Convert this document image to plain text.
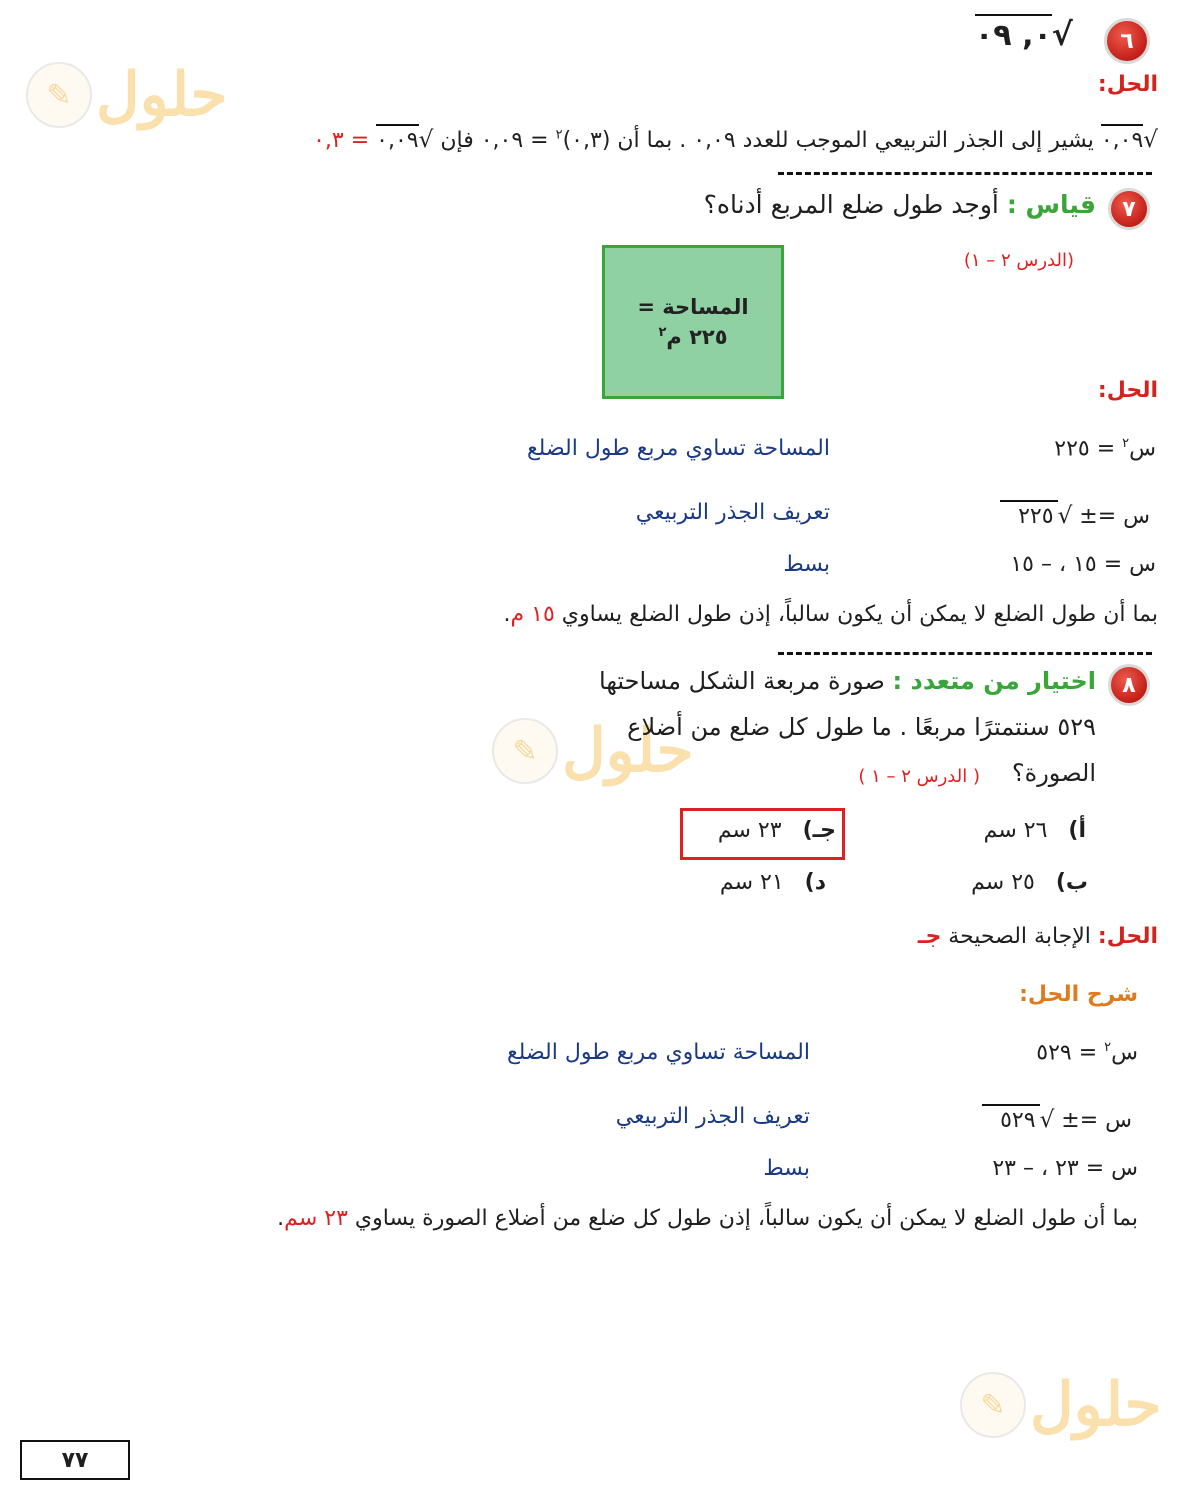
✎ حلول
✎ حلول
✎ حلول
٦
٠, ٠٩	√
الحل:
٠,٠٩ √
يشير إلى الجذر التربيعي الموجب للعدد ٠,٠٩ . بما أن (٠,٣)$^٢$ = ٠,٠٩ فإن
٠,٠٩ √
= ٠,٣
٧
قياس : أوجد طول ضلع المربع أدناه؟
(الدرس ٢ – ١)
المساحة =
٢٢٥ م$^٢$
الحل:
س$^٢$ = ٢٢٥
المساحة تساوي مربع طول الضلع
س =±
٢٢٥ √
تعريف الجذر التربيعي
س = ١٥ ، – ١٥
بسط
بما أن طول الضلع لا يمكن أن يكون سالباً، إذن طول الضلع يساوي ١٥ م.
٨
اختيار من متعدد : صورة مربعة الشكل مساحتها
٥٢٩ سنتمترًا مربعًا . ما طول كل ضلع من أضلاع
الصورة؟
( الدرس ٢ – ١ )
أ) ٢٦ سم
ب) ٢٥ سم
جـ) ٢٣ سم
د) ٢١ سم
الحل: الإجابة الصحيحة جـ
شرح الحل:
س$^٢$ = ٥٢٩
المساحة تساوي مربع طول الضلع
س =±
٥٢٩ √
تعريف الجذر التربيعي
س = ٢٣ ، – ٢٣
بسط
بما أن طول الضلع لا يمكن أن يكون سالباً، إذن طول كل ضلع من أضلاع الصورة يساوي ٢٣ سم.
٧٧
